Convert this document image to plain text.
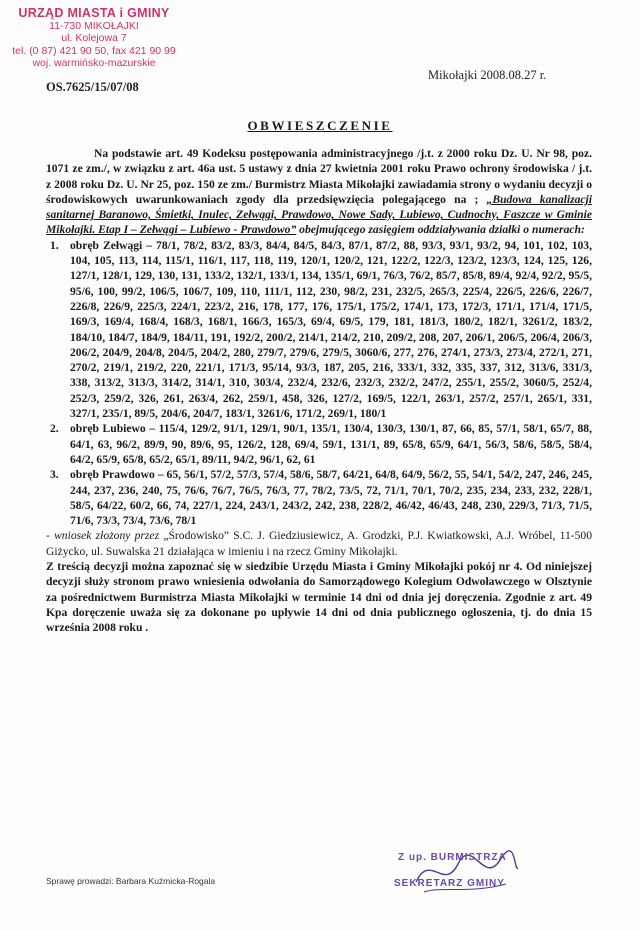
URZĄD MIASTA i GMINY
11-730 MIKOŁAJKI
ul. Kolejowa 7
tel. (0 87) 421 90 50, fax 421 90 99
woj. warmińsko-mazurskie
OS.7625/15/07/08
Mikołajki 2008.08.27 r.
OBWIESZCZENIE

Na podstawie art. 49 Kodeksu postępowania administracyjnego /j.t. z 2000 roku Dz. U. Nr 98, poz. 1071 ze zm./, w związku z art. 46a ust. 5 ustawy z dnia 27 kwietnia 2001 roku Prawo ochrony środowiska / j.t. z 2008 roku Dz. U. Nr 25, poz. 150 ze zm./ Burmistrz Miasta Mikołajki zawiadamia strony o wydaniu decyzji o środowiskowych uwarunkowaniach zgody dla przedsięwzięcia polegającego na ; „Budowa kanalizacji sanitarnej Baranowo, Śmietki, Inulec, Zełwągi, Prawdowo, Nowe Sady, Lubiewo, Cudnochy, Faszcze w Gminie Mikołajki. Etap I – Zełwągi – Lubiewo - Prawdowo” obejmującego zasięgiem oddziaływania działki o numerach:

1. obręb Zełwągi – 78/1, 78/2, 83/2, 83/3, 84/4, 84/5, 84/3, 87/1, 87/2, 88, 93/3, 93/1, 93/2, 94, 101, 102, 103, 104, 105, 113, 114, 115/1, 116/1, 117, 118, 119, 120/1, 120/2, 121, 122/2, 122/3, 123/2, 123/3, 124, 125, 126, 127/1, 128/1, 129, 130, 131, 133/2, 132/1, 133/1, 134, 135/1, 69/1, 76/3, 76/2, 85/7, 85/8, 89/4, 92/4, 92/2, 95/5, 95/6, 100, 99/2, 106/5, 106/7, 109, 110, 111/1, 112, 230, 98/2, 231, 232/5, 265/3, 225/4, 226/5, 226/6, 226/7, 226/8, 226/9, 225/3, 224/1, 223/2, 216, 178, 177, 176, 175/1, 175/2, 174/1, 173, 172/3, 171/1, 171/4, 171/5, 169/3, 169/4, 168/4, 168/3, 168/1, 166/3, 165/3, 69/4, 69/5, 179, 181, 181/3, 180/2, 182/1, 3261/2, 183/2, 184/10, 184/7, 184/9, 184/11, 191, 192/2, 200/2, 214/1, 214/2, 210, 209/2, 208, 207, 206/1, 206/5, 206/4, 206/3, 206/2, 204/9, 204/8, 204/5, 204/2, 280, 279/7, 279/6, 279/5, 3060/6, 277, 276, 274/1, 273/3, 273/4, 272/1, 271, 270/2, 219/1, 219/2, 220, 221/1, 171/3, 95/14, 93/3, 187, 205, 216, 333/1, 332, 335, 337, 312, 313/6, 331/3, 338, 313/2, 313/3, 314/2, 314/1, 310, 303/4, 232/4, 232/6, 232/3, 232/2, 247/2, 255/1, 255/2, 3060/5, 252/4, 252/3, 259/2, 326, 261, 263/4, 262, 259/1, 458, 326, 127/2, 169/5, 122/1, 263/1, 257/2, 257/1, 265/1, 331, 327/1, 235/1, 89/5, 204/6, 204/7, 183/1, 3261/6, 171/2, 269/1, 180/1
2. obręb Lubiewo – 115/4, 129/2, 91/1, 129/1, 90/1, 135/1, 130/4, 130/3, 130/1, 87, 66, 85, 57/1, 58/1, 65/7, 88, 64/1, 63, 96/2, 89/9, 90, 89/6, 95, 126/2, 128, 69/4, 59/1, 131/1, 89, 65/8, 65/9, 64/1, 56/3, 58/6, 58/5, 58/4, 64/2, 65/9, 65/8, 65/2, 65/1, 89/11, 94/2, 96/1, 62, 61
3. obręb Prawdowo – 65, 56/1, 57/2, 57/3, 57/4, 58/6, 58/7, 64/21, 64/8, 64/9, 56/2, 55, 54/1, 54/2, 247, 246, 245, 244, 237, 236, 240, 75, 76/6, 76/7, 76/5, 76/3, 77, 78/2, 73/5, 72, 71/1, 70/1, 70/2, 235, 234, 233, 232, 228/1, 58/5, 64/22, 60/2, 66, 74, 227/1, 224, 243/1, 243/2, 242, 238, 228/2, 46/42, 46/43, 248, 230, 229/3, 71/3, 71/5, 71/6, 73/3, 73/4, 73/6, 78/1

- wniosek złożony przez „Środowisko” S.C. J. Giedziusiewicz, A. Grodzki, P.J. Kwiatkowski, A.J. Wróbel, 11-500 Giżycko, ul. Suwalska 21 działająca w imieniu i na rzecz Gminy Mikołajki.

Z treścią decyzji można zapoznać się w siedzibie Urzędu Miasta i Gminy Mikołajki pokój nr 4. Od niniejszej decyzji służy stronom prawo wniesienia odwołania do Samorządowego Kolegium Odwoławczego w Olsztynie za pośrednictwem Burmistrza Miasta Mikołajki w terminie 14 dni od dnia jej doręczenia. Zgodnie z art. 49 Kpa doręczenie uważa się za dokonane po upływie 14 dni od dnia publicznego ogłoszenia, tj. do dnia 15 września 2008 roku .

Sprawę prowadzi: Barbara Kuźmicka-Rogala
Z up. BURMISTRZA
SEKRETARZ GMINY
